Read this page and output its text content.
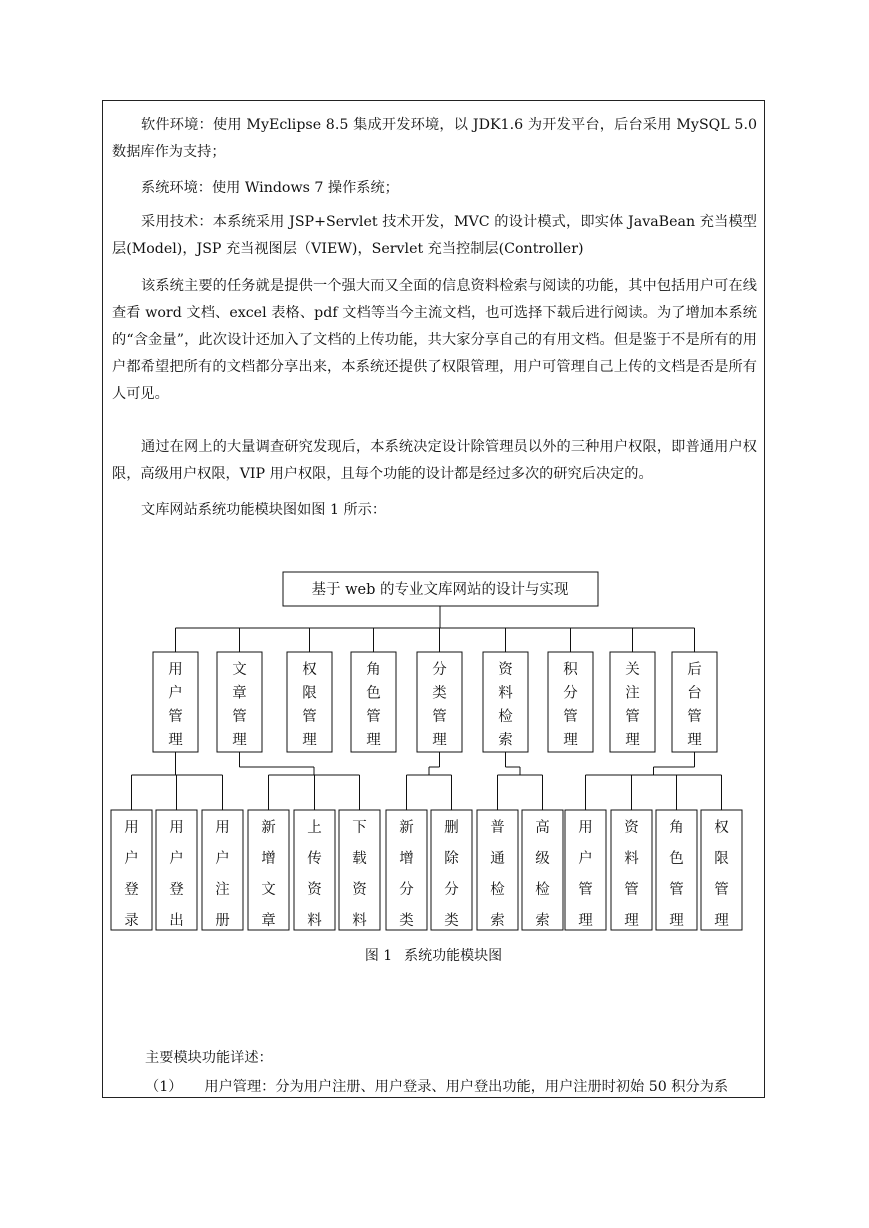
软件环境：使用 MyEclipse 8.5 集成开发环境，以 JDK1.6 为开发平台，后台采用 MySQL 5.0 数据库作为支持；

系统环境：使用 Windows 7 操作系统；

采用技术：本系统采用 JSP+Servlet 技术开发，MVC 的设计模式，即实体 JavaBean 充当模型层(Model)，JSP 充当视图层（VIEW)，Servlet 充当控制层(Controller)

该系统主要的任务就是提供一个强大而又全面的信息资料检索与阅读的功能，其中包括用户可在线查看 word 文档、excel 表格、pdf 文档等当今主流文档，也可选择下载后进行阅读。为了增加本系统的“含金量”，此次设计还加入了文档的上传功能，共大家分享自己的有用文档。但是鉴于不是所有的用户都希望把所有的文档都分享出来，本系统还提供了权限管理，用户可管理自己上传的文档是否是所有人可见。

通过在网上的大量调查研究发现后，本系统决定设计除管理员以外的三种用户权限，即普通用户权限，高级用户权限，VIP 用户权限，且每个功能的设计都是经过多次的研究后决定的。

文库网站系统功能模块图如图 1 所示：

基于 web 的专业文库网站的设计与实现
用户管理
文章管理
权限管理
角色管理
分类管理
资料检索
积分管理
关注管理
后台管理
用户登录
用户登出
用户注册
新增文章
上传资料
下载资料
新增分类
删除分类
普通检索
高级检索
用户管理
资料管理
角色管理
权限管理
图 1 系统功能模块图
主要模块功能详述：
（1） 用户管理：分为用户注册、用户登录、用户登出功能，用户注册时初始 50 积分为系
